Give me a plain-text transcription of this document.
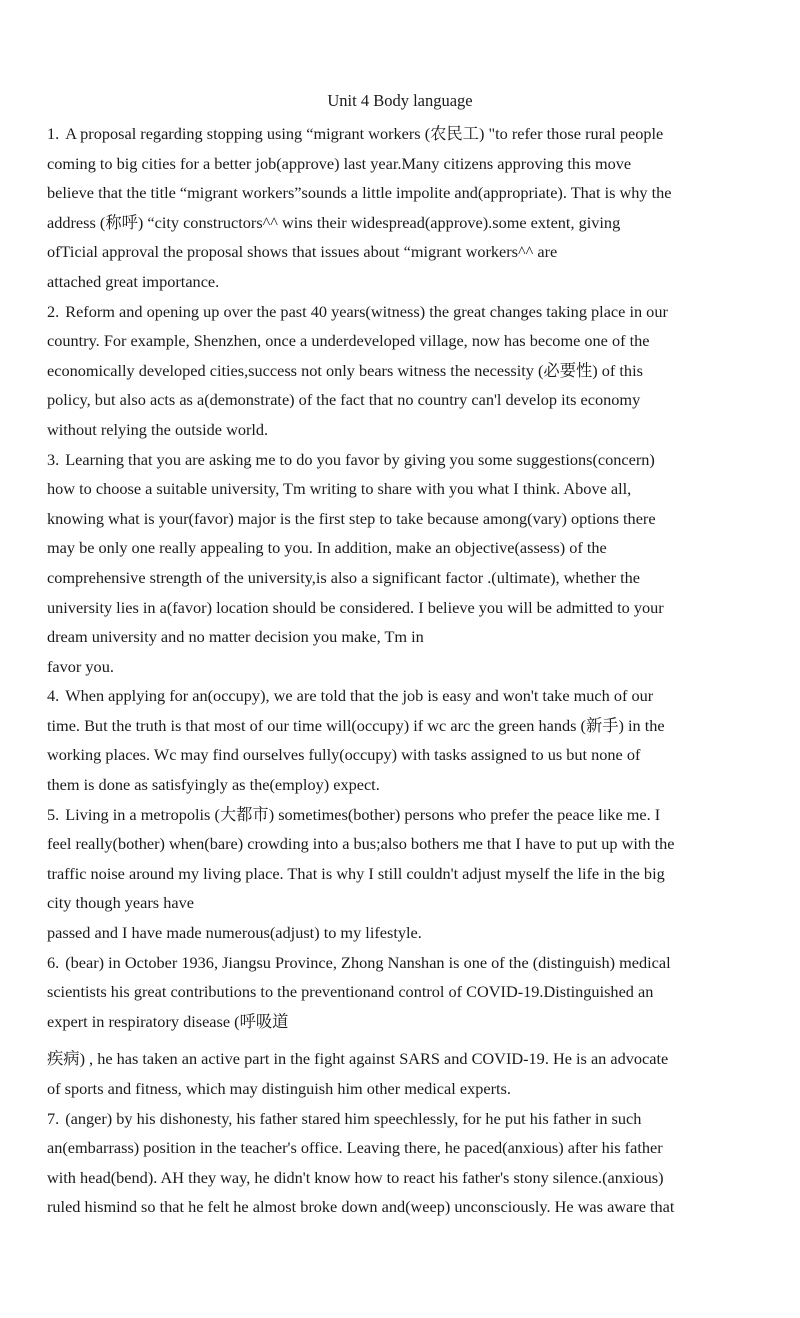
Unit 4 Body language
1. A proposal regarding stopping using “migrant workers (农民工) "to refer those rural people
coming to big cities for a better job(approve) last year.Many citizens approving this move
believe that the title “migrant workers”sounds a little impolite and(appropriate). That is why the
address (称呼) “city constructors^^ wins their widespread(approve).some extent, giving
ofTicial approval the proposal shows that issues about “migrant workers^^ are
attached great importance.
2. Reform and opening up over the past 40 years(witness) the great changes taking place in our
country. For example, Shenzhen, once a underdeveloped village, now has become one of the
economically developed cities,success not only bears witness the necessity (必要性) of this
policy, but also acts as a(demonstrate) of the fact that no country can'l develop its economy
without relying the outside world.
3. Learning that you are asking me to do you favor by giving you some suggestions(concern)
how to choose a suitable university, Tm writing to share with you what I think. Above all,
knowing what is your(favor) major is the first step to take because among(vary) options there
may be only one really appealing to you. In addition, make an objective(assess) of the
comprehensive strength of the university,is also a significant factor .(ultimate), whether the
university lies in a(favor) location should be considered. I believe you will be admitted to your
dream university and no matter decision you make, Tm in
favor you.
4. When applying for an(occupy), we are told that the job is easy and won't take much of our
time. But the truth is that most of our time will(occupy) if wc arc the green hands (新手) in the
working places. Wc may find ourselves fully(occupy) with tasks assigned to us but none of
them is done as satisfyingly as the(employ) expect.
5. Living in a metropolis (大都市) sometimes(bother) persons who prefer the peace like me. I
feel really(bother) when(bare) crowding into a bus;also bothers me that I have to put up with the
traffic noise around my living place. That is why I still couldn't adjust myself the life in the big
city though years have
passed and I have made numerous(adjust) to my lifestyle.
6. (bear) in October 1936, Jiangsu Province, Zhong Nanshan is one of the (distinguish) medical
scientists his great contributions to the preventionand control of COVID-19.Distinguished an
expert in respiratory disease (呼吸道
疾病) , he has taken an active part in the fight against SARS and COVID-19. He is an advocate
of sports and fitness, which may distinguish him other medical experts.
7. (anger) by his dishonesty, his father stared him speechlessly, for he put his father in such
an(embarrass) position in the teacher's office. Leaving there, he paced(anxious) after his father
with head(bend). AH they way, he didn't know how to react his father's stony silence.(anxious)
ruled hismind so that he felt he almost broke down and(weep) unconsciously. He was aware that
